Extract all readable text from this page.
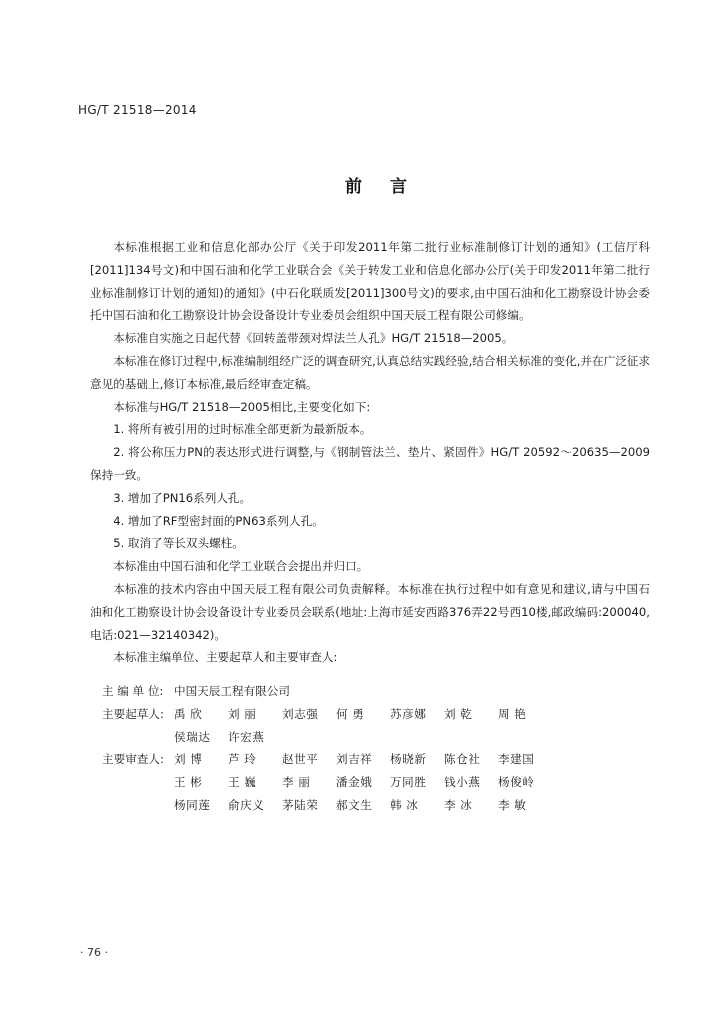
HG/T 21518—2014
前言

本标准根据工业和信息化部办公厅《关于印发2011年第二批行业标准制修订计划的通知》(工信厅科[2011]134号文)和中国石油和化学工业联合会《关于转发工业和信息化部办公厅(关于印发2011年第二批行业标准制修订计划的通知)的通知》(中石化联质发[2011]300号文)的要求,由中国石油和化工勘察设计协会委托中国石油和化工勘察设计协会设备设计专业委员会组织中国天辰工程有限公司修编。

本标准自实施之日起代替《回转盖带颈对焊法兰人孔》HG/T 21518—2005。

本标准在修订过程中,标准编制组经广泛的调查研究,认真总结实践经验,结合相关标准的变化,并在广泛征求意见的基础上,修订本标准,最后经审查定稿。

本标准与HG/T 21518—2005相比,主要变化如下:

1. 将所有被引用的过时标准全部更新为最新版本。

2. 将公称压力PN的表达形式进行调整,与《钢制管法兰、垫片、紧固件》HG/T 20592～20635—2009保持一致。

3. 增加了PN16系列人孔。

4. 增加了RF型密封面的PN63系列人孔。

5. 取消了等长双头螺柱。

本标准由中国石油和化学工业联合会提出并归口。

本标准的技术内容由中国天辰工程有限公司负责解释。本标准在执行过程中如有意见和建议,请与中国石油和化工勘察设计协会设备设计专业委员会联系(地址:上海市延安西路376弄22号西10楼,邮政编码:200040,电话:021—32140342)。

本标准主编单位、主要起草人和主要审查人:

主 编 单 位: 中国天辰工程有限公司
主要起草人: 禹 欣	刘 丽	刘志强	何 勇	苏彦娜	刘 乾	周 艳
侯瑞达	许宏燕
主要审查人: 刘 博	芦 玲	赵世平	刘吉祥	杨晓新	陈仓社	李建国
王 彬	王 巍	李 丽	潘金娥	万同胜	钱小燕	杨俊岭
杨同莲	俞庆义	茅陆荣	郝文生	韩 冰	李 冰	李 敏
· 76 ·
